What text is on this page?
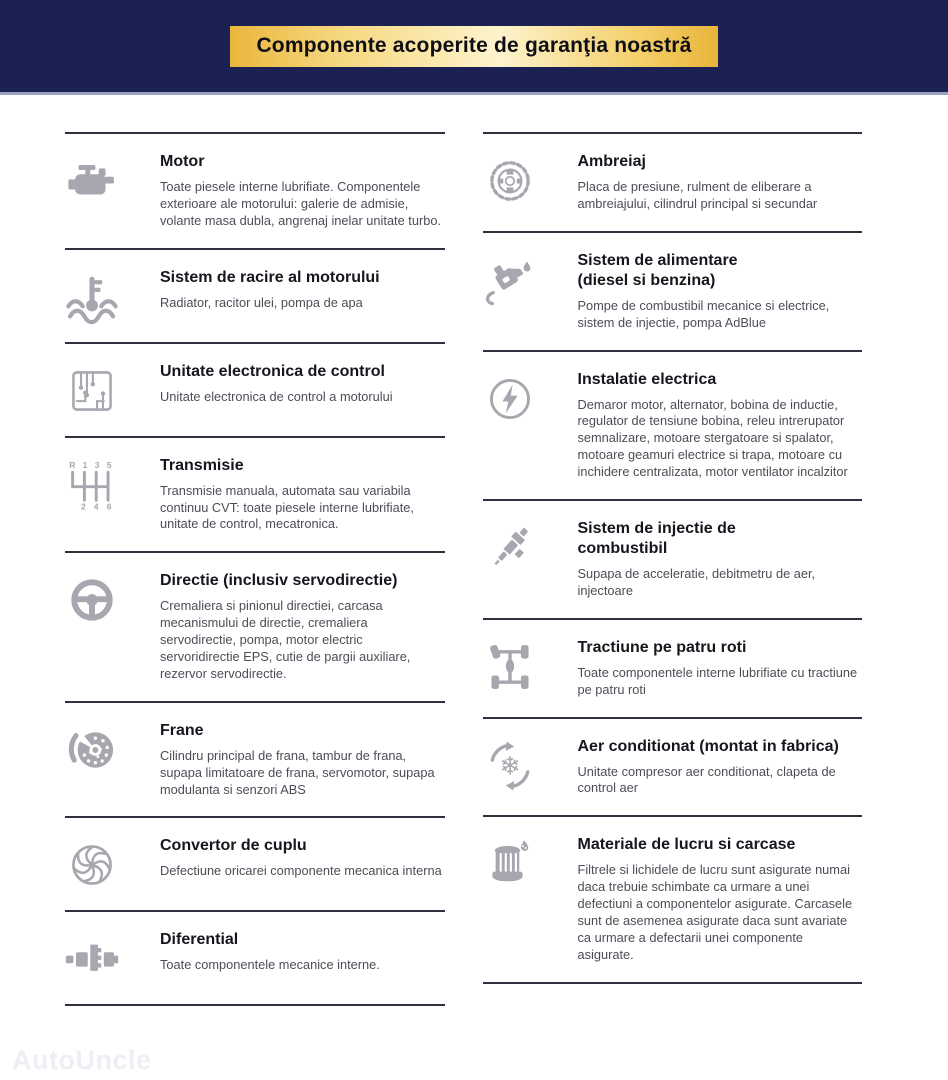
Componente acoperite de garanţia noastră
Motor
Toate piesele interne lubrifiate. Componentele exterioare ale motorului: galerie de admisie, volante masa dubla, angrenaj inelar unitate turbo.
Sistem de racire al motorului
Radiator, racitor ulei, pompa de apa
Unitate electronica de control
Unitate electronica de control a motorului
R 1 3 5
2 4 6
Transmisie
Transmisie manuala, automata sau variabila continuu CVT: toate piesele interne lubrifiate, unitate de control, mecatronica.
Directie (inclusiv servodirectie)
Cremaliera si pinionul directiei, carcasa mecanismului de directie, cremaliera servodirectie, pompa, motor electric servoridirectie EPS, cutie de pargii auxiliare, rezervor servodirectie.
Frane
Cilindru principal de frana, tambur de frana, supapa limitatoare de frana, servomotor, supapa modulanta si senzori ABS
Convertor de cuplu
Defectiune oricarei componente mecanica interna
Diferential
Toate componentele mecanice interne.
Ambreiaj
Placa de presiune, rulment de eliberare a ambreiajului, cilindrul principal si secundar
Sistem de alimentare
(diesel si benzina)
Pompe de combustibil mecanice si electrice, sistem de injectie, pompa AdBlue
Instalatie electrica
Demaror motor, alternator, bobina de inductie, regulator de tensiune bobina, releu intrerupator semnalizare, motoare stergatoare si spalator, motoare geamuri electrice si trapa, motoare cu inchidere centralizata, motor ventilator incalzitor
Sistem de injectie de
combustibil
Supapa de acceleratie, debitmetru de aer, injectoare
Tractiune pe patru roti
Toate componentele interne lubrifiate cu tractiune pe patru roti
❄
Aer conditionat (montat in fabrica)
Unitate compresor aer conditionat, clapeta de control aer
Materiale de lucru si carcase
Filtrele si lichidele de lucru sunt asigurate numai daca trebuie schimbate ca urmare a unei defectiuni a componentelor asigurate. Carcasele sunt de asemenea asigurate daca sunt avariate ca urmare a defectarii unei componente asigurate.
AutoUncle
